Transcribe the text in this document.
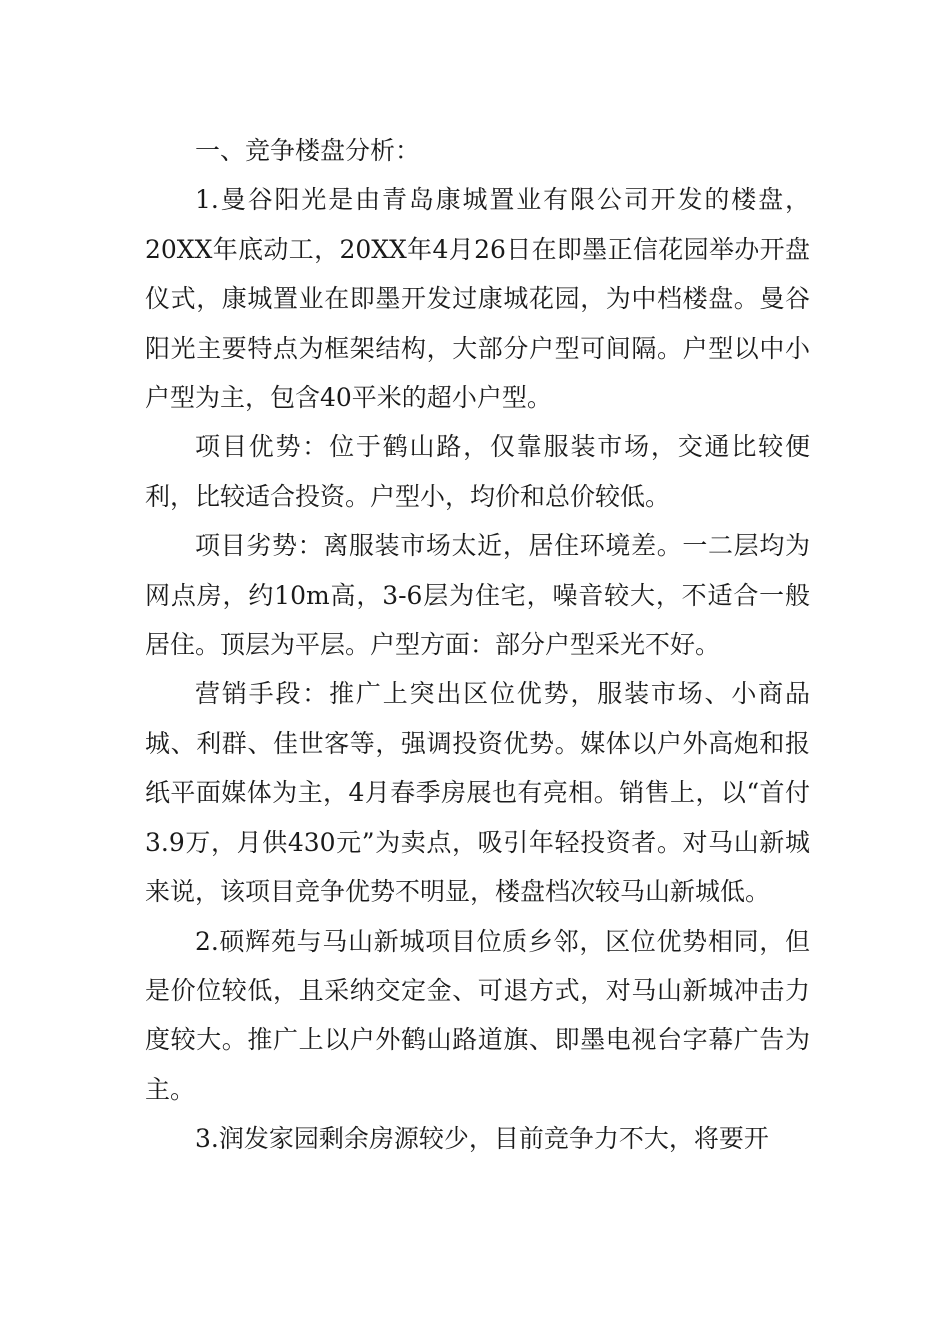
一、竞争楼盘分析：

1.曼谷阳光是由青岛康城置业有限公司开发的楼盘，20XX年底动工，20XX年4月26日在即墨正信花园举办开盘仪式，康城置业在即墨开发过康城花园，为中档楼盘。曼谷阳光主要特点为框架结构，大部分户型可间隔。户型以中小户型为主，包含40平米的超小户型。

项目优势：位于鹤山路，仅靠服装市场，交通比较便利，比较适合投资。户型小，均价和总价较低。

项目劣势：离服装市场太近，居住环境差。一二层均为网点房，约10m高，3-6层为住宅，噪音较大，不适合一般居住。顶层为平层。户型方面：部分户型采光不好。

营销手段：推广上突出区位优势，服装市场、小商品城、利群、佳世客等，强调投资优势。媒体以户外高炮和报纸平面媒体为主，4月春季房展也有亮相。销售上，以“首付3.9万，月供430元”为卖点，吸引年轻投资者。对马山新城来说，该项目竞争优势不明显，楼盘档次较马山新城低。

2.硕辉苑与马山新城项目位质乡邻，区位优势相同，但是价位较低，且采纳交定金、可退方式，对马山新城冲击力度较大。推广上以户外鹤山路道旗、即墨电视台字幕广告为主。

3.润发家园剩余房源较少，目前竞争力不大，将要开
